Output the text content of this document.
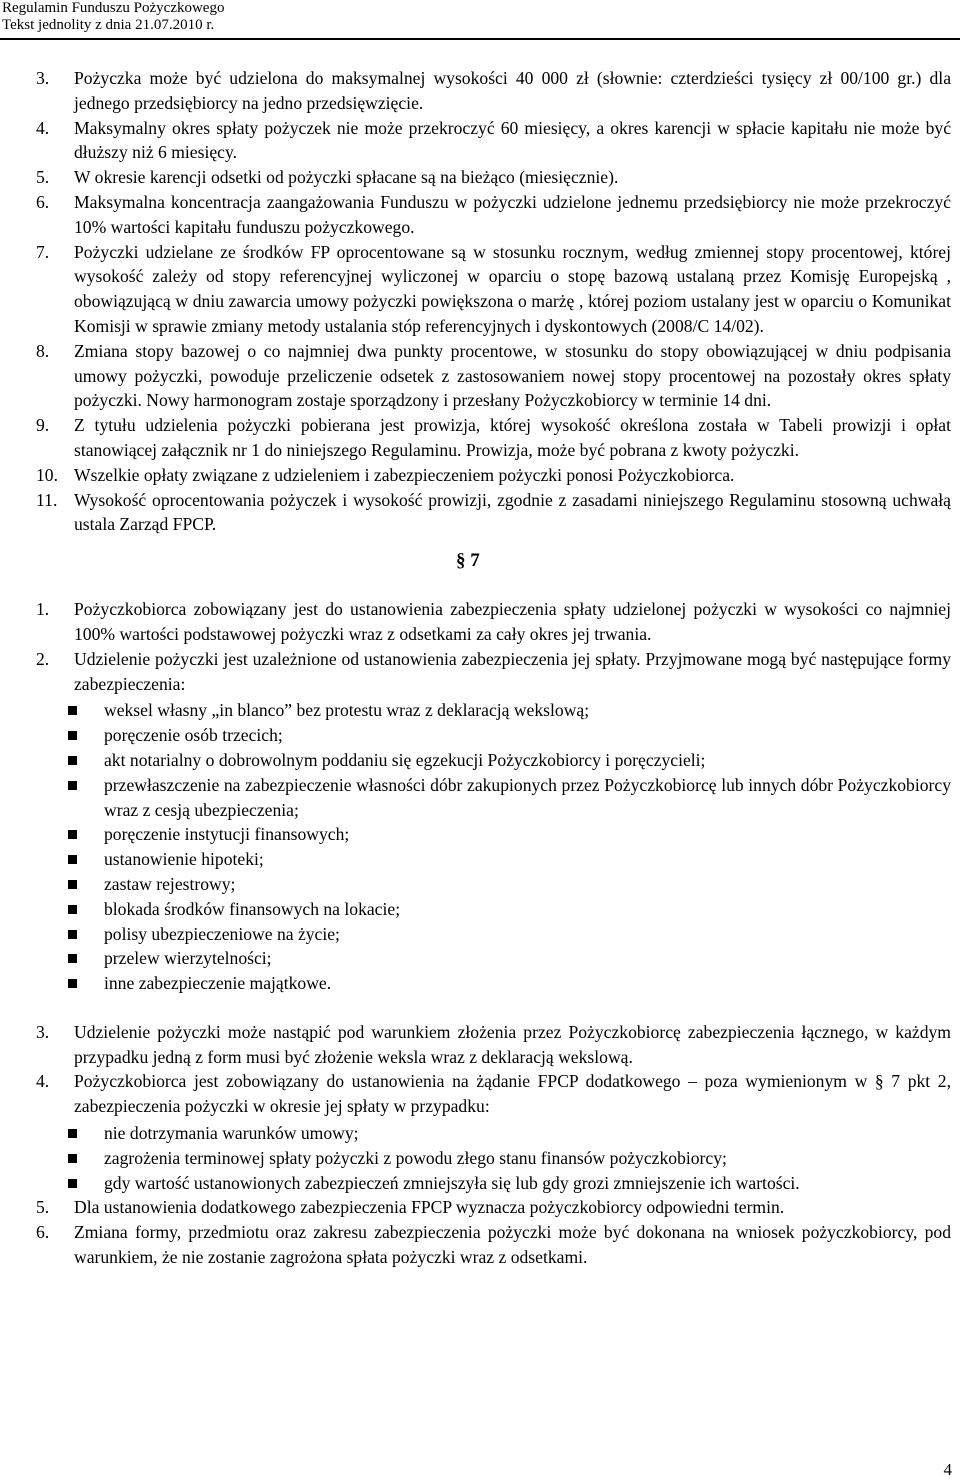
Regulamin Funduszu Pożyczkowego
Tekst jednolity z dnia 21.07.2010 r.
3.	Pożyczka może być udzielona do maksymalnej wysokości 40 000 zł (słownie: czterdzieści tysięcy zł 00/100 gr.) dla jednego przedsiębiorcy na jedno przedsięwzięcie.
4.	Maksymalny okres spłaty pożyczek nie może przekroczyć 60 miesięcy, a okres karencji w spłacie kapitału nie może być dłuższy niż 6 miesięcy.
5.	W okresie karencji odsetki od pożyczki spłacane są na bieżąco (miesięcznie).
6.	Maksymalna koncentracja zaangażowania Funduszu w pożyczki udzielone jednemu przedsiębiorcy nie może przekroczyć 10% wartości kapitału funduszu pożyczkowego.
7.	Pożyczki udzielane ze środków FP oprocentowane są w stosunku rocznym, według zmiennej stopy procentowej, której wysokość zależy od stopy referencyjnej wyliczonej w oparciu o stopę bazową ustalaną przez Komisję Europejską , obowiązującą w dniu zawarcia umowy pożyczki powiększona o marżę , której poziom ustalany jest w oparciu o Komunikat Komisji w sprawie zmiany metody ustalania stóp referencyjnych i dyskontowych (2008/C 14/02).
8.	Zmiana stopy bazowej o co najmniej dwa punkty procentowe, w stosunku do stopy obowiązującej w dniu podpisania umowy pożyczki, powoduje przeliczenie odsetek z zastosowaniem nowej stopy procentowej na pozostały okres spłaty pożyczki. Nowy harmonogram zostaje sporządzony i przesłany Pożyczkobiorcy w terminie 14 dni.
9.	Z tytułu udzielenia pożyczki pobierana jest prowizja, której wysokość określona została w Tabeli prowizji i opłat stanowiącej załącznik nr 1 do niniejszego Regulaminu. Prowizja, może być pobrana z kwoty pożyczki.
10. Wszelkie opłaty związane z udzieleniem i zabezpieczeniem pożyczki ponosi Pożyczkobiorca.
11. Wysokość oprocentowania pożyczek i wysokość prowizji, zgodnie z zasadami niniejszego Regulaminu stosowną uchwałą ustala Zarząd FPCP.
§ 7
1.	Pożyczkobiorca zobowiązany jest do ustanowienia zabezpieczenia spłaty udzielonej pożyczki w wysokości co najmniej 100% wartości podstawowej pożyczki wraz z odsetkami za cały okres jej trwania.
2.	Udzielenie pożyczki jest uzależnione od ustanowienia zabezpieczenia jej spłaty. Przyjmowane mogą być następujące formy zabezpieczenia:
weksel własny „in blanco” bez protestu wraz z deklaracją wekslową;
poręczenie osób trzecich;
akt notarialny o dobrowolnym poddaniu się egzekucji Pożyczkobiorcy i poręczycieli;
przewłaszczenie na zabezpieczenie własności dóbr zakupionych przez Pożyczkobiorcę lub innych dóbr Pożyczkobiorcy wraz z cesją ubezpieczenia;
poręczenie instytucji finansowych;
ustanowienie hipoteki;
zastaw rejestrowy;
blokada środków finansowych na lokacie;
polisy ubezpieczeniowe na życie;
przelew wierzytelności;
inne zabezpieczenie majątkowe.
3.	Udzielenie pożyczki może nastąpić pod warunkiem złożenia przez Pożyczkobiorcę zabezpieczenia łącznego, w każdym przypadku jedną z form musi być złożenie weksla wraz z deklaracją wekslową.
4.	Pożyczkobiorca jest zobowiązany do ustanowienia na żądanie FPCP dodatkowego – poza wymienionym w § 7 pkt 2, zabezpieczenia pożyczki w okresie jej spłaty w przypadku:
nie dotrzymania warunków umowy;
zagrożenia terminowej spłaty pożyczki z powodu złego stanu finansów pożyczkobiorcy;
gdy wartość ustanowionych zabezpieczeń zmniejszyła się lub gdy grozi zmniejszenie ich wartości.
5.	Dla ustanowienia dodatkowego zabezpieczenia FPCP wyznacza pożyczkobiorcy odpowiedni termin.
6.	Zmiana formy, przedmiotu oraz zakresu zabezpieczenia pożyczki może być dokonana na wniosek pożyczkobiorcy, pod warunkiem, że nie zostanie zagrożona spłata pożyczki wraz z odsetkami.
4
